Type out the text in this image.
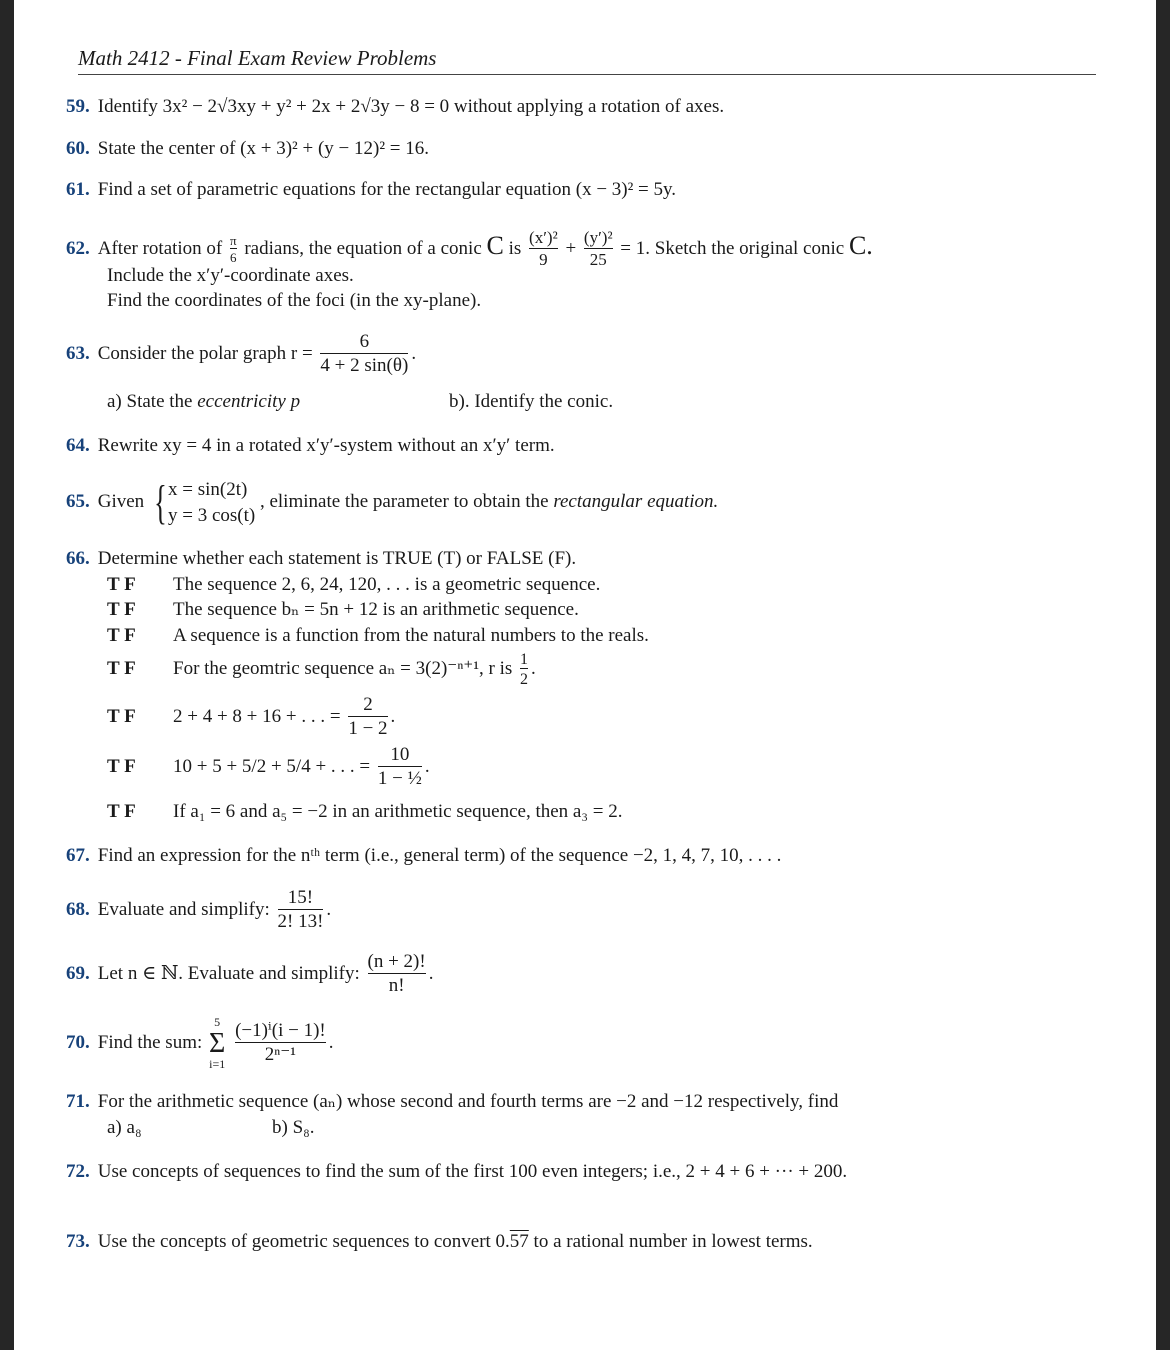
Math 2412 - Final Exam Review Problems
59. Identify 3x² − 2√3xy + y² + 2x + 2√3y − 8 = 0 without applying a rotation of axes.
60. State the center of (x + 3)² + (y − 12)² = 16.
61. Find a set of parametric equations for the rectangular equation (x − 3)² = 5y.
62. After rotation of $\frac{\pi}{6}$ radians, the equation of a conic C is $\frac{\text{(x′)²}}{9} + \frac{\text{(y′)²}}{25} = 1$. Sketch the original conic C.
Include the x′y′-coordinate axes.
Find the coordinates of the foci (in the xy-plane).
63. Consider the polar graph $r = \frac{6}{4 + 2 \sin(\theta)}$ .
a) State the eccentricity p	b). Identify the conic.
64. Rewrite xy = 4 in a rotated x′y′-system without an x′y′ term.
65. Given { x = sin(2t)
y = 3 cos(t)
, eliminate the parameter to obtain the rectangular equation.
66. Determine whether each statement is TRUE (T) or FALSE (F).
T F The sequence 2, 6, 24, 120, . . . is a geometric sequence.
T F The sequence bₙ = 5n + 12 is an arithmetic sequence.
T F A sequence is a function from the natural numbers to the reals.
T F For the geomtric sequence aₙ = 3(2)⁻ⁿ⁺¹, r is $\frac{1}{2}$ .
T F 2 + 4 + 8 + 16 + . . . = $\frac{2}{1 - 2}$ .
T F 10 + 5 + 5/2 + 5/4 + . . . = $\frac{10}{\text{1 − ½}}$ .
T F If a₁ = 6 and a₅ = −2 in an arithmetic sequence, then a₃ = 2.
67. Find an expression for the nᵗʰ term (i.e., general term) of the sequence −2, 1, 4, 7, 10, . . . .
68. Evaluate and simplify: $\frac{15!}{2! 13!}$ .
69. Let n ∈ ℕ. Evaluate and simplify: $\frac{(n + 2)!}{n!}$ .
70. Find the sum:
5
Σ
i=1
$\frac{\text{(−1)ⁱ(i − 1)!}}{\text{2ⁿ⁻¹}}$ .
71. For the arithmetic sequence (aₙ) whose second and fourth terms are −2 and −12 respectively, find
a) a₈	b) S₈.
72. Use concepts of sequences to find the sum of the first 100 even integers; i.e., 2 + 4 + 6 + ··· + 200.
73. Use the concepts of geometric sequences to convert 0.57 to a rational number in lowest terms.
